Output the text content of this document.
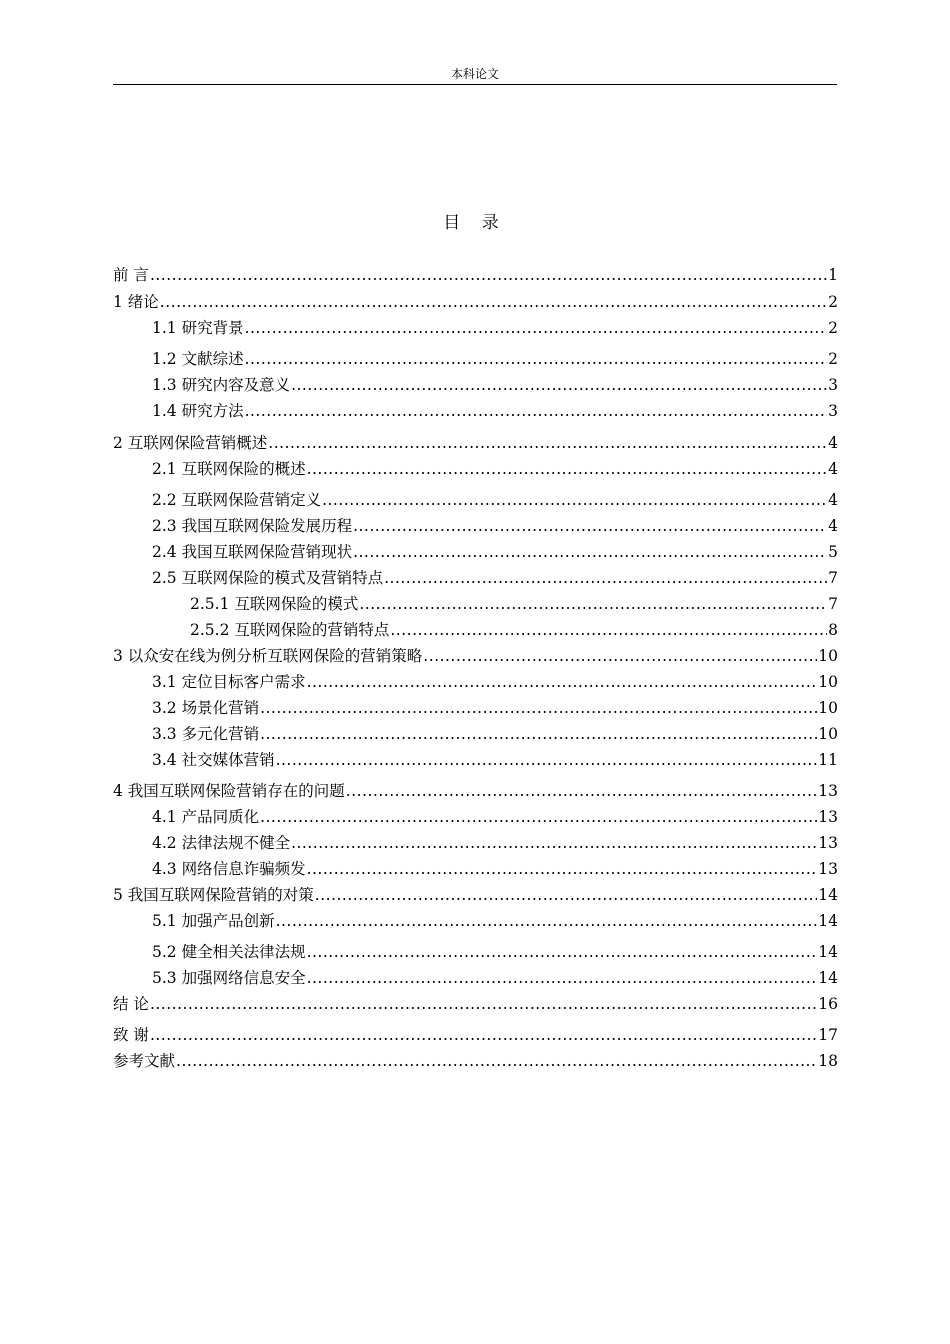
本科论文
目 录
前 言 .....	1
1 绪论 .....	2
1.1 研究背景 .....	2
1.2 文献综述 .....	2
1.3 研究内容及意义 .....	3
1.4 研究方法 .....	3
2 互联网保险营销概述 .....	4
2.1 互联网保险的概述 .....	4
2.2 互联网保险营销定义 .....	4
2.3 我国互联网保险发展历程 .....	4
2.4 我国互联网保险营销现状 .....	5
2.5 互联网保险的模式及营销特点 .....	7
2.5.1 互联网保险的模式 .....	7
2.5.2 互联网保险的营销特点 .....	8
3 以众安在线为例分析互联网保险的营销策略 .....	10
3.1 定位目标客户需求 .....	10
3.2 场景化营销 .....	10
3.3 多元化营销 .....	10
3.4 社交媒体营销 .....	11
4 我国互联网保险营销存在的问题 .....	13
4.1 产品同质化 .....	13
4.2 法律法规不健全 .....	13
4.3 网络信息诈骗频发 .....	13
5 我国互联网保险营销的对策 .....	14
5.1 加强产品创新 .....	14
5.2 健全相关法律法规 .....	14
5.3 加强网络信息安全 .....	14
结 论 .....	16
致 谢 .....	17
参考文献 .....	18
